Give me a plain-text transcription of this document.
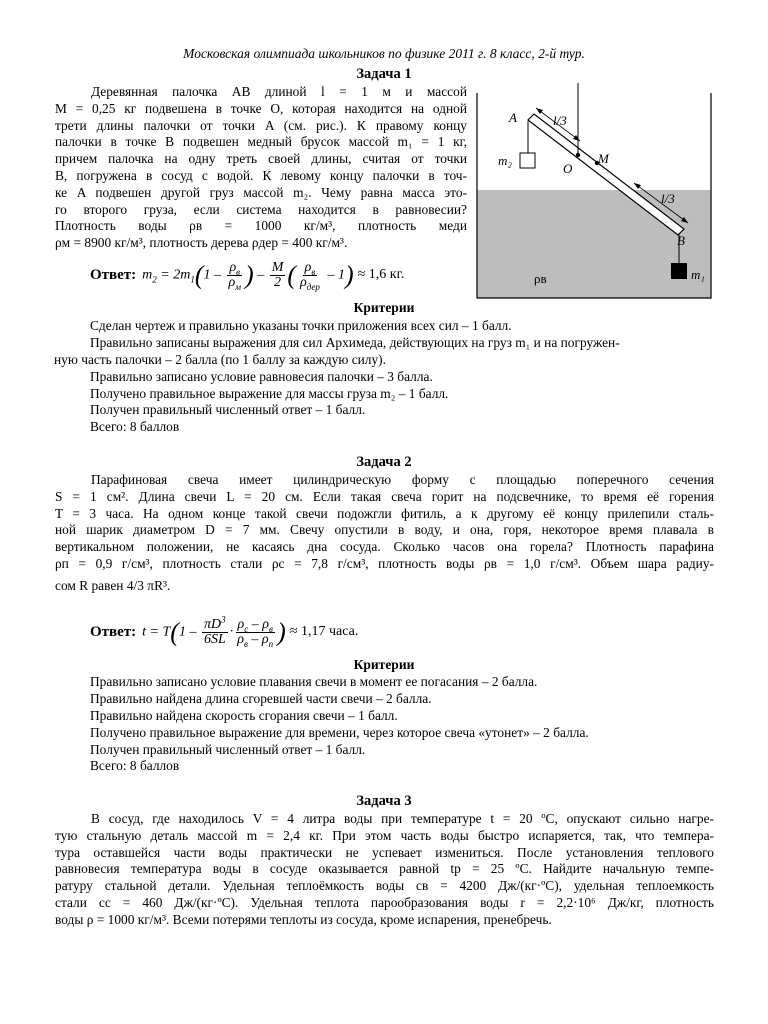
Московская олимпиада школьников по физике 2011 г. 8 класс, 2-й тур.
Задача 1
Деревянная палочка AB длиной l = 1 м и массой
M = 0,25 кг подвешена в точке O, которая находится на одной
трети длины палочки от точки A (см. рис.). К правому концу
палочки в точке B подвешен медный брусок массой m₁ = 1 кг,
причем палочка на одну треть своей длины, считая от точки
B, погружена в сосуд с водой. К левому концу палочки в точ-
ке A подвешен другой груз массой m₂. Чему равна масса это-
го второго груза, если система находится в равновесии?
Плотность воды ρв = 1000 кг/м³, плотность меди
ρм = 8900 кг/м³, плотность дерева ρдер = 400 кг/м³.
Ответ: $m_2 = 2m_1(1 - \frac{\rho_в}{\rho_м}$ ) – $\frac{M}{2}$ ( $\frac{\rho_в}{\rho_{дер}} - 1) \approx 1,6$ кг.
A
B
O
M
l/3
l/3
m₂
m₁
ρв
Критерии
Сделан чертеж и правильно указаны точки приложения всех сил – 1 балл.
Правильно записаны выражения для сил Архимеда, действующих на груз m₁ и на погружен-
ную часть палочки – 2 балла (по 1 баллу за каждую силу).
Правильно записано условие равновесия палочки – 3 балла.
Получено правильное выражение для массы груза m₂ – 1 балл.
Получен правильный численный ответ – 1 балл.
Всего: 8 баллов
Задача 2
Парафиновая свеча имеет цилиндрическую форму с площадью поперечного сечения
S = 1 см². Длина свечи L = 20 см. Если такая свеча горит на подсвечнике, то время её горения
T = 3 часа. На одном конце такой свечи подожгли фитиль, а к другому её концу прилепили сталь-
ной шарик диаметром D = 7 мм. Свечу опустили в воду, и она, горя, некоторое время плавала в
вертикальном положении, не касаясь дна сосуда. Сколько часов она горела? Плотность парафина
ρп = 0,9 г/см³, плотность стали ρс = 7,8 г/см³, плотность воды ρв = 1,0 г/см³. Объем шара радиу-
сом R равен 4/3 πR³.
Ответ: $t = T(1 - \frac{\pi D^3}{6SL} \cdot \frac{\rho_с - \rho_в}{\rho_в - \rho_п}$ ) ≈ 1,17 часа.
Критерии
Правильно записано условие плавания свечи в момент ее погасания – 2 балла.
Правильно найдена длина сгоревшей части свечи – 2 балла.
Правильно найдена скорость сгорания свечи – 1 балл.
Получено правильное выражение для времени, через которое свеча «утонет» – 2 балла.
Получен правильный численный ответ – 1 балл.
Всего: 8 баллов
Задача 3
В сосуд, где находилось V = 4 литра воды при температуре t = 20 ºС, опускают сильно нагре-
тую стальную деталь массой m = 2,4 кг. При этом часть воды быстро испаряется, так, что темпера-
тура оставшейся части воды практически не успевает измениться. После установления теплового
равновесия температура воды в сосуде оказывается равной tр = 25 ºС. Найдите начальную темпе-
ратуру стальной детали. Удельная теплоёмкость воды cв = 4200 Дж/(кг·ºС), удельная теплоемкость
стали cс = 460 Дж/(кг·ºС). Удельная теплота парообразования воды r = 2,2·10⁶ Дж/кг, плотность
воды ρ = 1000 кг/м³. Всеми потерями теплоты из сосуда, кроме испарения, пренебречь.
